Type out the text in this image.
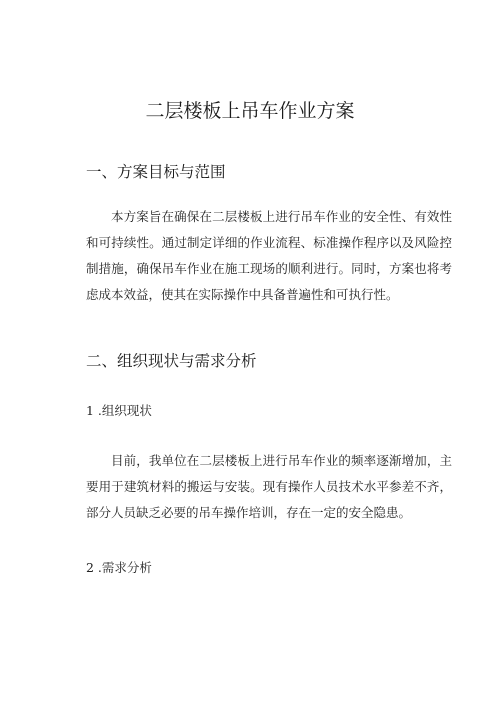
二层楼板上吊车作业方案
一、方案目标与范围

本方案旨在确保在二层楼板上进行吊车作业的安全性、有效性和可持续性。通过制定详细的作业流程、标准操作程序以及风险控制措施，确保吊车作业在施工现场的顺利进行。同时，方案也将考虑成本效益，使其在实际操作中具备普遍性和可执行性。

二、组织现状与需求分析

1 .组织现状

目前，我单位在二层楼板上进行吊车作业的频率逐渐增加，主要用于建筑材料的搬运与安装。现有操作人员技术水平参差不齐，部分人员缺乏必要的吊车操作培训，存在一定的安全隐患。

2 .需求分析
